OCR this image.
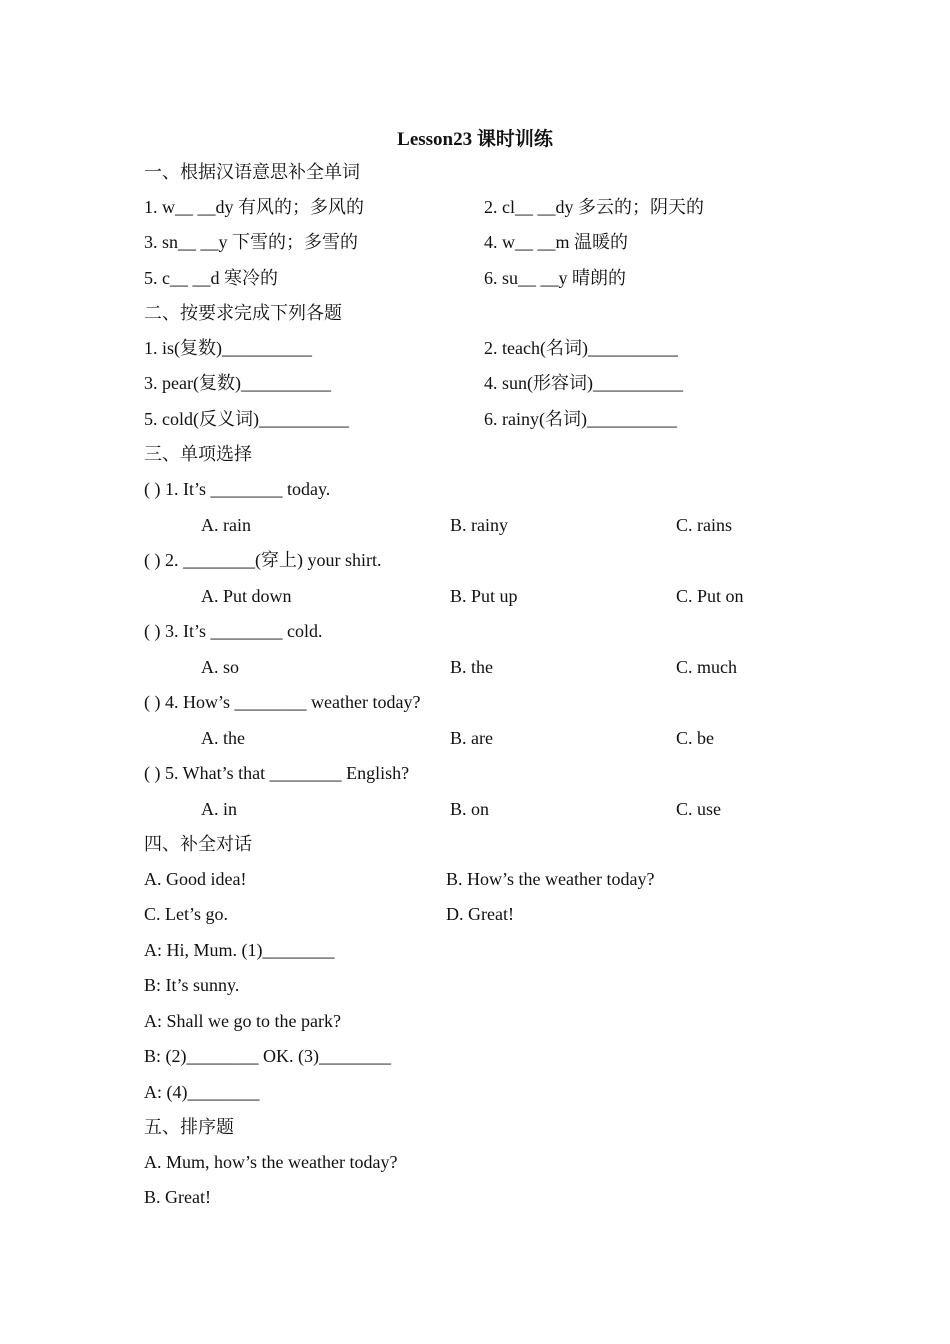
Lesson23 课时训练
一、根据汉语意思补全单词
1. w__ __dy 有风的；多风的	2. cl__ __dy 多云的；阴天的
3. sn__ __y 下雪的；多雪的	4. w__ __m 温暖的
5. c__ __d 寒冷的	6. su__ __y 晴朗的
二、按要求完成下列各题
1. is(复数)__________	2. teach(名词)__________
3. pear(复数)__________	4. sun(形容词)__________
5. cold(反义词)__________	6. rainy(名词)__________
三、单项选择
( ) 1. It’s ________ today.
A. rain	B. rainy	C. rains
( ) 2. ________(穿上) your shirt.
A. Put down	B. Put up	C. Put on
( ) 3. It’s ________ cold.
A. so	B. the	C. much
( ) 4. How’s ________ weather today?
A. the	B. are	C. be
( ) 5. What’s that ________ English?
A. in	B. on	C. use
四、补全对话
A. Good idea!	B. How’s the weather today?
C. Let’s go.	D. Great!
A: Hi, Mum. (1)________
B: It’s sunny.
A: Shall we go to the park?
B: (2)________ OK. (3)________
A: (4)________
五、排序题
A. Mum, how’s the weather today?
B. Great!
